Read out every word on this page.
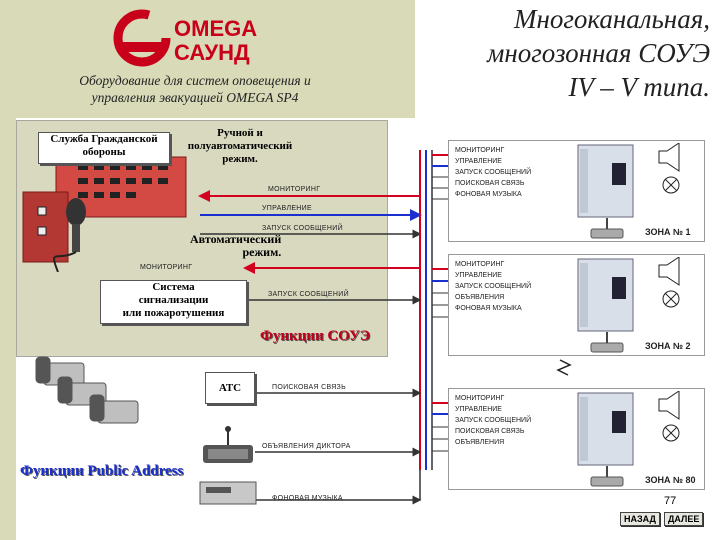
OMEGA
САУНД
Оборудование для систем оповещения и
управления эвакуацией OMEGA SP4
Многоканальная,
многозонная СОУЭ
IV – V типа.
Служба Гражданской
обороны
Ручной и
полуавтоматический
режим.
МОНИТОРИНГ
УПРАВЛЕНИЕ
ЗАПУСК СООБЩЕНИЙ
МОНИТОРИНГ
Автоматический
режим.
Система
сигнализации
или пожаротушения
ЗАПУСК СООБЩЕНИЙ
Функции СОУЭ
АТС	ПОИСКОВАЯ СВЯЗЬ
ОБЪЯВЛЕНИЯ ДИКТОРА
ФОНОВАЯ МУЗЫКА
Функции Public Address
МОНИТОРИНГ
УПРАВЛЕНИЕ
ЗАПУСК СООБЩЕНИЙ
ПОИСКОВАЯ СВЯЗЬ
ФОНОВАЯ МУЗЫКА
ЗОНА № 1
МОНИТОРИНГ
УПРАВЛЕНИЕ
ЗАПУСК СООБЩЕНИЙ
ОБЪЯВЛЕНИЯ
ФОНОВАЯ МУЗЫКА
ЗОНА № 2
МОНИТОРИНГ
УПРАВЛЕНИЕ
ЗАПУСК СООБЩЕНИЙ
ПОИСКОВАЯ СВЯЗЬ
ОБЪЯВЛЕНИЯ
ЗОНА № 80
77
НАЗАД	ДАЛЕЕ
